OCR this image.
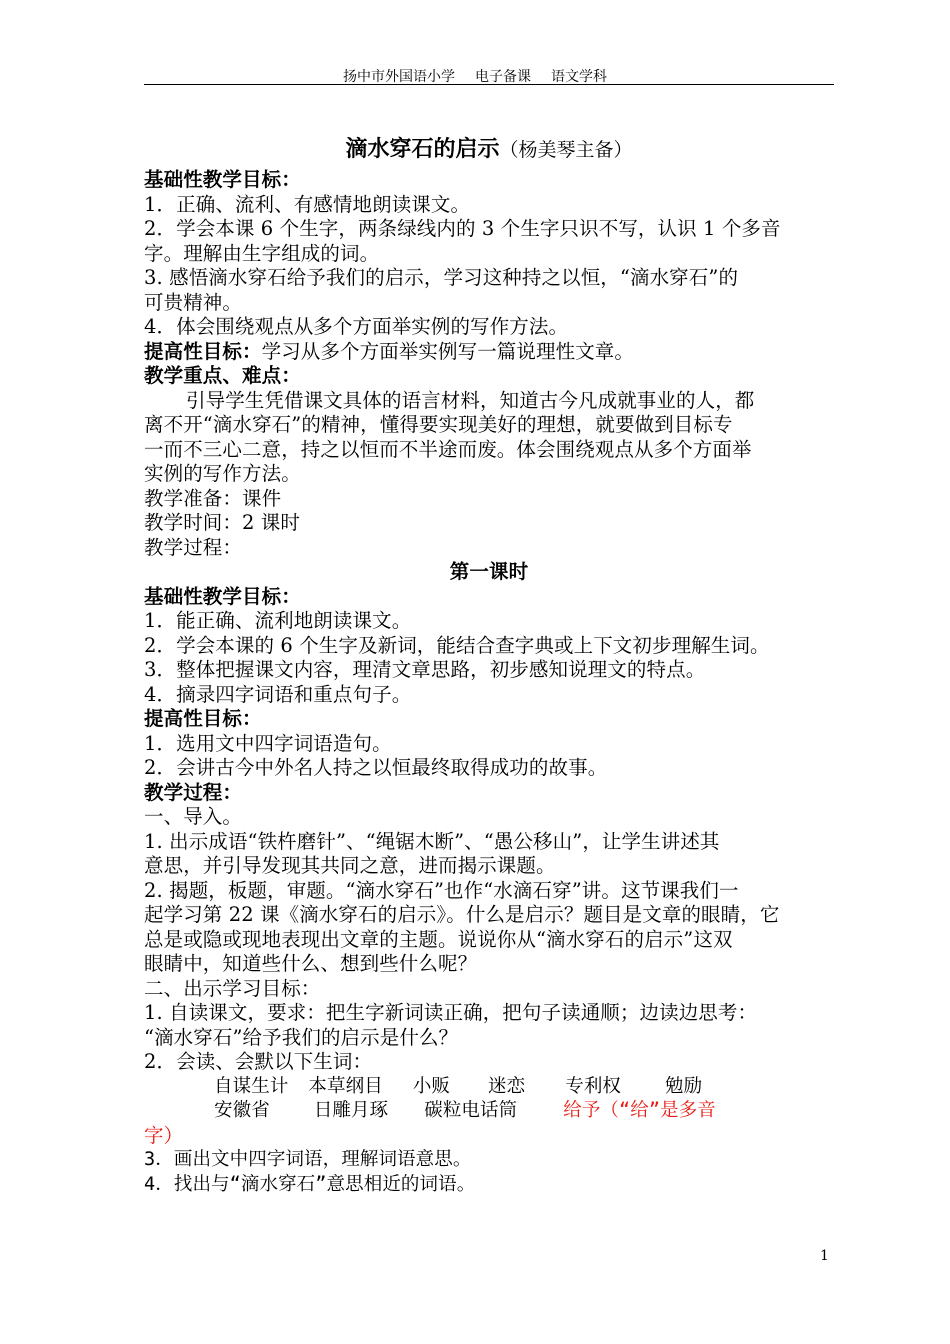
扬中市外国语小学 电子备课 语文学科
滴水穿石的启示（杨美琴主备）
基础性教学目标：
1．正确、流利、有感情地朗读课文。
2．学会本课 6 个生字，两条绿线内的 3 个生字只识不写，认识 1 个多音
字。理解由生字组成的词。
3. 感悟滴水穿石给予我们的启示，学习这种持之以恒，“滴水穿石”的
可贵精神。
4．体会围绕观点从多个方面举实例的写作方法。
提高性目标：学习从多个方面举实例写一篇说理性文章。
教学重点、难点：
引导学生凭借课文具体的语言材料，知道古今凡成就事业的人，都
离不开“滴水穿石”的精神，懂得要实现美好的理想，就要做到目标专
一而不三心二意，持之以恒而不半途而废。体会围绕观点从多个方面举
实例的写作方法。
教学准备：课件
教学时间：2 课时
教学过程：
第一课时
基础性教学目标：
1．能正确、流利地朗读课文。
2．学会本课的 6 个生字及新词，能结合查字典或上下文初步理解生词。
3．整体把握课文内容，理清文章思路，初步感知说理文的特点。
4．摘录四字词语和重点句子。
提高性目标：
1．选用文中四字词语造句。
2．会讲古今中外名人持之以恒最终取得成功的故事。
教学过程：
一、导入。
1. 出示成语“铁杵磨针”、“绳锯木断”、“愚公移山”，让学生讲述其
意思，并引导发现其共同之意，进而揭示课题。
2. 揭题，板题，审题。“滴水穿石”也作“水滴石穿”讲。这节课我们一
起学习第 22 课《滴水穿石的启示》。什么是启示？题目是文章的眼睛，它
总是或隐或现地表现出文章的主题。说说你从“滴水穿石的启示”这双
眼睛中，知道些什么、想到些什么呢？
二、出示学习目标：
1. 自读课文，要求：把生字新词读正确，把句子读通顺；边读边思考：
“滴水穿石”给予我们的启示是什么？
2．会读、会默以下生词：
自谋生计 本草纲目 小贩 迷恋 专利权 勉励
安徽省 日雕月琢 碳粒电话筒 给予（“给”是多音
字）
3．画出文中四字词语，理解词语意思。
4．找出与“滴水穿石”意思相近的词语。
1
